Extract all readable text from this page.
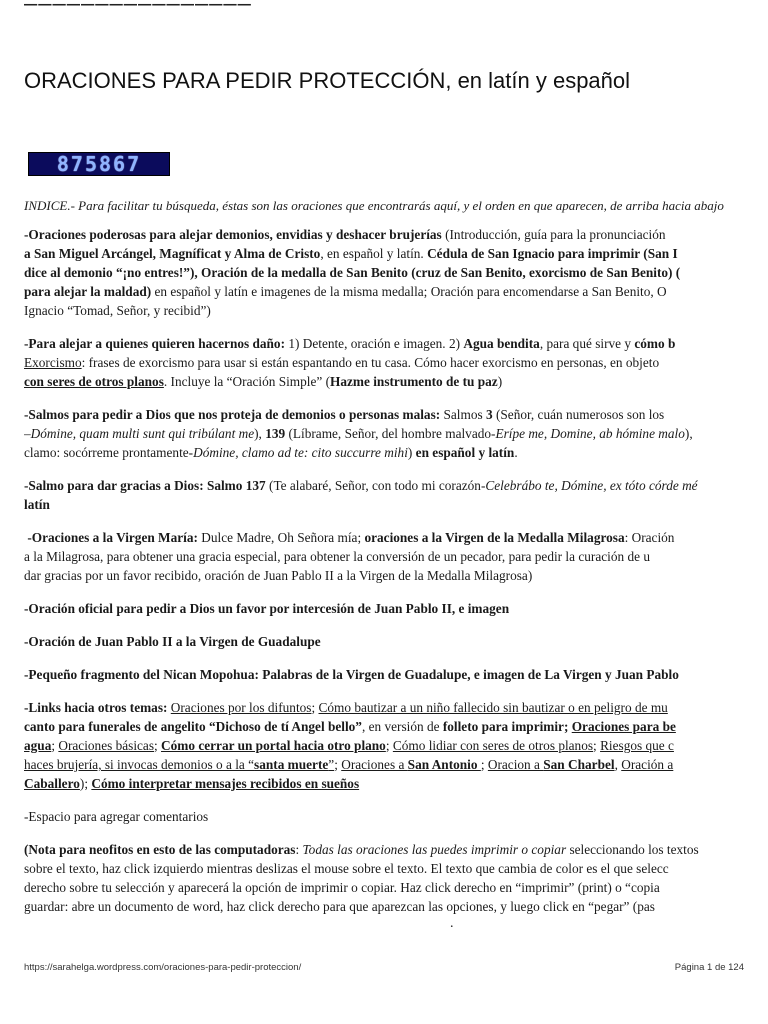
––––––––––––––––
ORACIONES PARA PEDIR PROTECCIÓN, en latín y español
875867

INDICE.- Para facilitar tu búsqueda, éstas son las oraciones que encontrarás aquí, y el orden en que aparecen, de arriba hacia abajo

-Oraciones poderosas para alejar demonios, envidias y deshacer brujerías (Introducción, guía para la pronunciación

a San Miguel Arcángel, Magníficat y Alma de Cristo, en español y latín. Cédula de San Ignacio para imprimir (San I

dice al demonio “¡no entres!”), Oración de la medalla de San Benito (cruz de San Benito, exorcismo de San Benito) (

para alejar la maldad) en español y latín e imagenes de la misma medalla; Oración para encomendarse a San Benito, O

Ignacio “Tomad, Señor, y recibid”)

-Para alejar a quienes quieren hacernos daño: 1) Detente, oración e imagen. 2) Agua bendita, para qué sirve y cómo b

Exorcismo: frases de exorcismo para usar si están espantando en tu casa. Cómo hacer exorcismo en personas, en objeto

con seres de otros planos. Incluye la “Oración Simple” (Hazme instrumento de tu paz)

-Salmos para pedir a Dios que nos proteja de demonios o personas malas: Salmos 3 (Señor, cuán numerosos son los

–Dómine, quam multi sunt qui tribúlant me), 139 (Líbrame, Señor, del hombre malvado-Erípe me, Domine, ab hómine malo),

clamo: socórreme prontamente-Dómine, clamo ad te: cito succurre mihi) en español y latín.

-Salmo para dar gracias a Dios: Salmo 137 (Te alabaré, Señor, con todo mi corazón-Celebrábo te, Dómine, ex tóto córde mé

latín

-Oraciones a la Virgen María: Dulce Madre, Oh Señora mía; oraciones a la Virgen de la Medalla Milagrosa: Oración

a la Milagrosa, para obtener una gracia especial, para obtener la conversión de un pecador, para pedir la curación de u

dar gracias por un favor recibido, oración de Juan Pablo II a la Virgen de la Medalla Milagrosa)

-Oración oficial para pedir a Dios un favor por intercesión de Juan Pablo II, e imagen

-Oración de Juan Pablo II a la Virgen de Guadalupe

-Pequeño fragmento del Nican Mopohua: Palabras de la Virgen de Guadalupe, e imagen de La Virgen y Juan Pablo

-Links hacia otros temas: Oraciones por los difuntos; Cómo bautizar a un niño fallecido sin bautizar o en peligro de mu

canto para funerales de angelito “Dichoso de tí Angel bello”, en versión de folleto para imprimir; Oraciones para be

agua; Oraciones básicas; Cómo cerrar un portal hacia otro plano; Cómo lidiar con seres de otros planos; Riesgos que c

haces brujería, si invocas demonios o a la “santa muerte”; Oraciones a San Antonio ; Oracion a San Charbel, Oración a

Caballero); Cómo interpretar mensajes recibidos en sueños

-Espacio para agregar comentarios

(Nota para neofitos en esto de las computadoras: Todas las oraciones las puedes imprimir o copiar seleccionando los textos

sobre el texto, haz click izquierdo mientras deslizas el mouse sobre el texto. El texto que cambia de color es el que selecc

derecho sobre tu selección y aparecerá la opción de imprimir o copiar. Haz click derecho en “imprimir” (print) o “copia

guardar: abre un documento de word, haz click derecho para que aparezcan las opciones, y luego click en “pegar” (pas

.
https://sarahelga.wordpress.com/oraciones-para-pedir-proteccion/	Página 1 de 124
